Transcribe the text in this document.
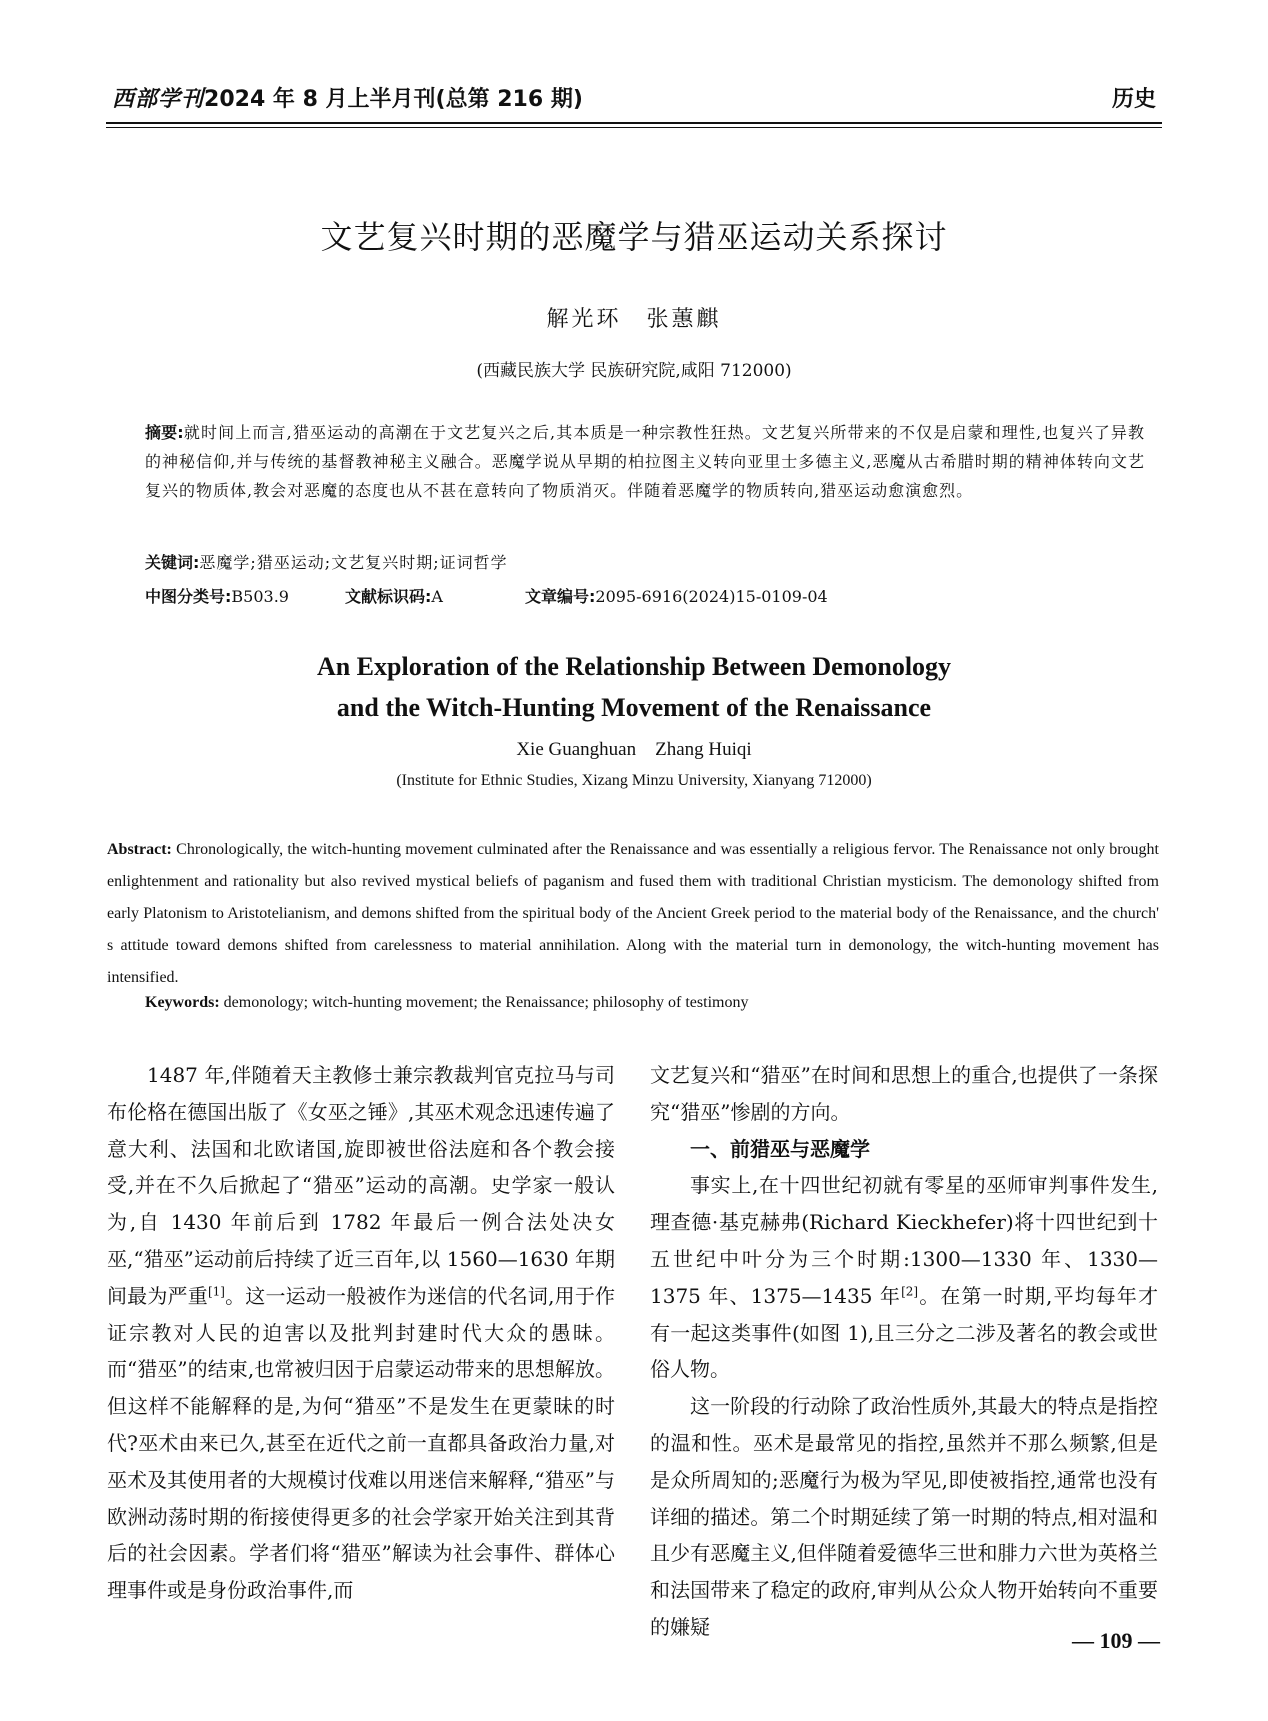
西部学刊2024 年 8 月上半月刊(总第 216 期)	历史
文艺复兴时期的恶魔学与猎巫运动关系探讨
解光环　张蕙麒
(西藏民族大学 民族研究院,咸阳 712000)
摘要:就时间上而言,猎巫运动的高潮在于文艺复兴之后,其本质是一种宗教性狂热。文艺复兴所带来的不仅是启蒙和理性,也复兴了异教的神秘信仰,并与传统的基督教神秘主义融合。恶魔学说从早期的柏拉图主义转向亚里士多德主义,恶魔从古希腊时期的精神体转向文艺复兴的物质体,教会对恶魔的态度也从不甚在意转向了物质消灭。伴随着恶魔学的物质转向,猎巫运动愈演愈烈。
关键词:恶魔学;猎巫运动;文艺复兴时期;证词哲学
中图分类号:B503.9	文献标识码:A	文章编号:2095-6916(2024)15-0109-04
An Exploration of the Relationship Between Demonology
and the Witch-Hunting Movement of the Renaissance
Xie Guanghuan　Zhang Huiqi
(Institute for Ethnic Studies, Xizang Minzu University, Xianyang 712000)
Abstract: Chronologically, the witch-hunting movement culminated after the Renaissance and was essentially a religious fervor. The Renaissance not only brought enlightenment and rationality but also revived mystical beliefs of paganism and fused them with traditional Christian mysticism. The demonology shifted from early Platonism to Aristotelianism, and demons shifted from the spiritual body of the Ancient Greek period to the material body of the Renaissance, and the church' s attitude toward demons shifted from carelessness to material annihilation. Along with the material turn in demonology, the witch-hunting movement has intensified.
Keywords: demonology; witch-hunting movement; the Renaissance; philosophy of testimony

1487 年,伴随着天主教修士兼宗教裁判官克拉马与司布伦格在德国出版了《女巫之锤》,其巫术观念迅速传遍了意大利、法国和北欧诸国,旋即被世俗法庭和各个教会接受,并在不久后掀起了“猎巫”运动的高潮。史学家一般认为,自 1430 年前后到 1782 年最后一例合法处决女巫,“猎巫”运动前后持续了近三百年,以 1560—1630 年期间最为严重[1]。这一运动一般被作为迷信的代名词,用于作证宗教对人民的迫害以及批判封建时代大众的愚昧。而“猎巫”的结束,也常被归因于启蒙运动带来的思想解放。但这样不能解释的是,为何“猎巫”不是发生在更蒙昧的时代?巫术由来已久,甚至在近代之前一直都具备政治力量,对巫术及其使用者的大规模讨伐难以用迷信来解释,“猎巫”与欧洲动荡时期的衔接使得更多的社会学家开始关注到其背后的社会因素。学者们将“猎巫”解读为社会事件、群体心理事件或是身份政治事件,而

文艺复兴和“猎巫”在时间和思想上的重合,也提供了一条探究“猎巫”惨剧的方向。

一、前猎巫与恶魔学

事实上,在十四世纪初就有零星的巫师审判事件发生,理查德·基克赫弗(Richard Kieckhefer)将十四世纪到十五世纪中叶分为三个时期:1300—1330 年、1330—1375 年、1375—1435 年[2]。在第一时期,平均每年才有一起这类事件(如图 1),且三分之二涉及著名的教会或世俗人物。

这一阶段的行动除了政治性质外,其最大的特点是指控的温和性。巫术是最常见的指控,虽然并不那么频繁,但是是众所周知的;恶魔行为极为罕见,即使被指控,通常也没有详细的描述。第二个时期延续了第一时期的特点,相对温和且少有恶魔主义,但伴随着爱德华三世和腓力六世为英格兰和法国带来了稳定的政府,审判从公众人物开始转向不重要的嫌疑

— 109 —
